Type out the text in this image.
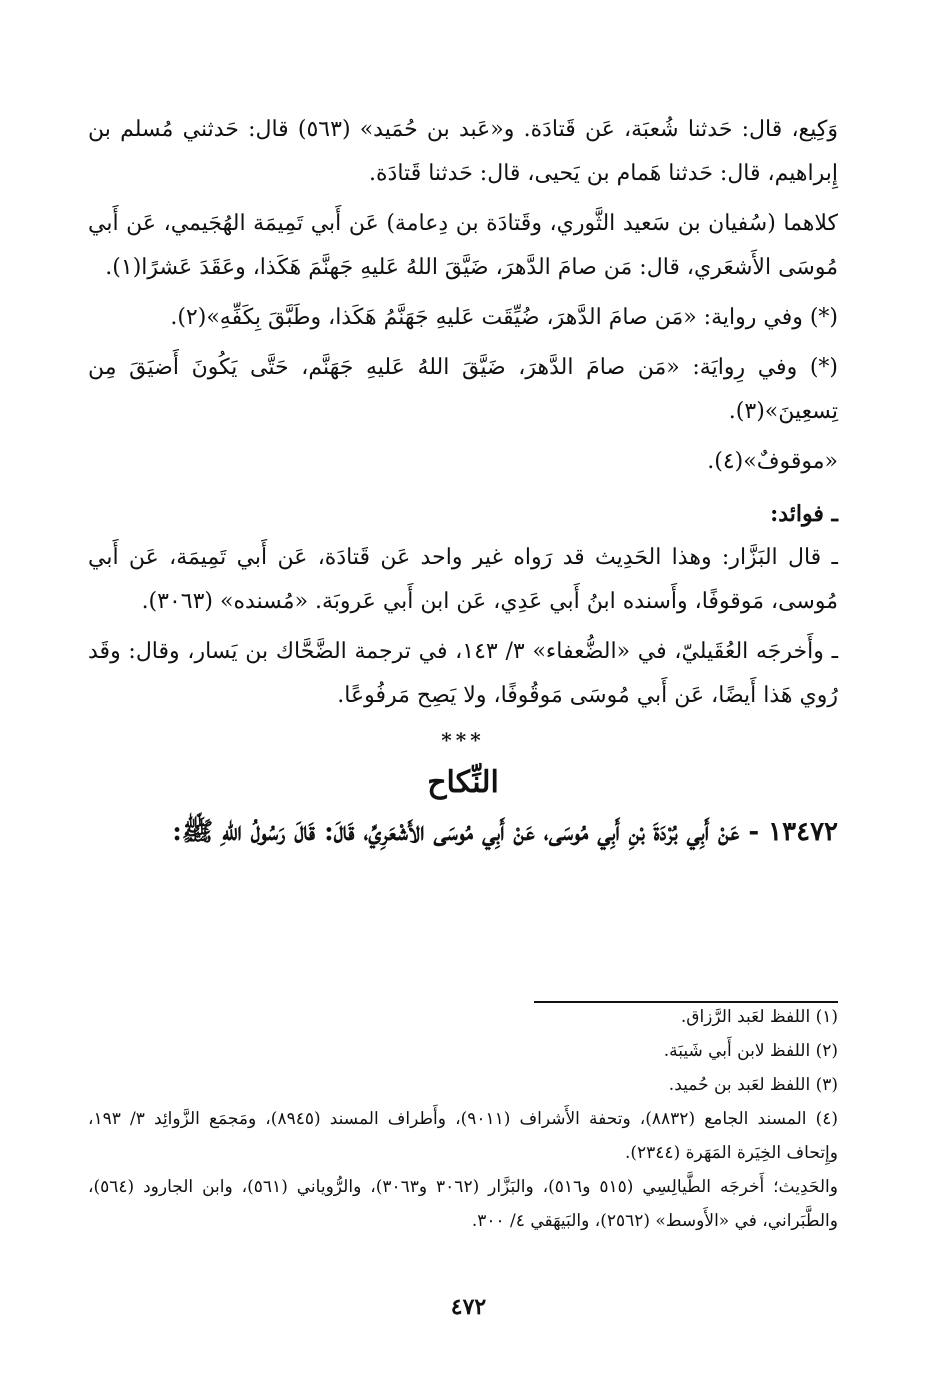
وَكِيع، قال: حَدثنا شُعبَة، عَن قَتادَة. و«عَبد بن حُمَيد» (٥٦٣) قال: حَدثني مُسلم بن إِبراهيم، قال: حَدثنا هَمام بن يَحيى، قال: حَدثنا قَتادَة.

كلاهما (سُفيان بن سَعيد الثَّوري، وقَتادَة بن دِعامة) عَن أَبي تَمِيمَة الهُجَيمي، عَن أَبي مُوسَى الأَشعَري، قال: مَن صامَ الدَّهرَ، ضَيَّقَ اللهُ عَليهِ جَهنَّمَ هَكَذا، وعَقَدَ عَشرًا(١).

(*) وفي رواية: «مَن صامَ الدَّهرَ، ضُيِّقَت عَليهِ جَهَنَّمُ هَكَذا، وطَبَّقَ بِكَفِّهِ»(٢).

(*) وفي رِوايَة: «مَن صامَ الدَّهرَ، ضَيَّقَ اللهُ عَليهِ جَهَنَّم، حَتَّى يَكُونَ أَضيَقَ مِن تِسعِينَ»(٣).

«موقوفٌ»(٤).

ـ فوائد:

ـ قال البَزَّار: وهذا الحَدِيث قد رَواه غير واحد عَن قَتادَة، عَن أَبي تَمِيمَة، عَن أَبي مُوسى، مَوقوفًا، وأَسنده ابنُ أَبي عَدِي، عَن ابن أَبي عَروبَة. «مُسنده» (٣٠٦٣).

ـ وأَخرجَه العُقَيليّ، في «الضُّعفاء» ٣/ ١٤٣، في ترجمة الضَّحَّاك بن يَسار، وقال: وقَد رُوي هَذا أَيضًا، عَن أَبي مُوسَى مَوقُوفًا، ولا يَصِح مَرفُوعًا.

***

النِّكاح

١٣٤٧٢ - عَنْ أَبِي بُرْدَةَ بْنِ أَبِي مُوسَى، عَنْ أَبِي مُوسَى الأَشْعَرِيِّ، قَالَ: قَالَ رَسُولُ اللهِ ﷺ:

(١) اللفظ لعَبد الرَّزاق.

(٢) اللفظ لابن أَبي شَيبَة.

(٣) اللفظ لعَبد بن حُميد.

(٤) المسند الجامع (٨٨٣٢)، وتحفة الأَشراف (٩٠١١)، وأَطراف المسند (٨٩٤٥)، ومَجمَع الزَّوائِد ٣/ ١٩٣، وإِتحاف الخِيَرة المَهَرة (٢٣٤٤).

والحَدِيث؛ أَخرجَه الطَّيالِسِي (٥١٥ و٥١٦)، والبَزَّار (٣٠٦٢ و٣٠٦٣)، والرُّوياني (٥٦١)، وابن الجارود (٥٦٤)، والطَّبَراني، في «الأَوسط» (٢٥٦٢)، والبَيهَقي ٤/ ٣٠٠.

٤٧٢
